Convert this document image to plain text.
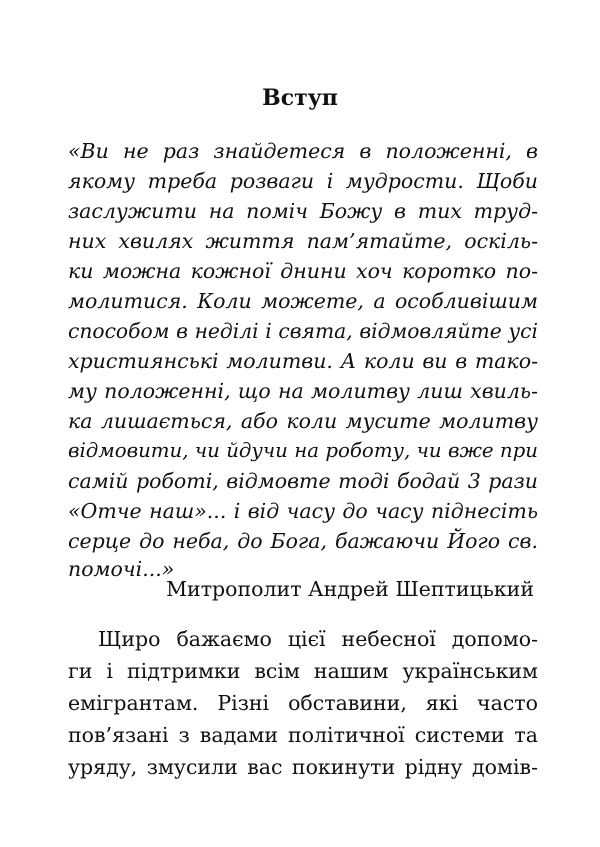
Вступ
«Ви не раз знайдетеся в положенні, в
якому треба розваги і мудрости. Щоби
заслужити на поміч Божу в тих труд-
них хвилях життя пам’ятайте, оскіль-
ки можна кожної днини хоч коротко по-
молитися. Коли можете, а особливішим
способом в неділі і свята, відмовляйте усі
християнські молитви. А коли ви в тако-
му положенні, що на молитву лиш хвиль-
ка лишається, або коли мусите молитву
відмовити, чи йдучи на роботу, чи вже при
самій роботі, відмовте тоді бодай 3 рази
«Отче наш»... і від часу до часу піднесіть
серце до неба, до Бога, бажаючи Його св.
помочі...»
Митрополит Андрей Шептицький
Щиро бажаємо цієї небесної допомо-
ги і підтримки всім нашим українським
емігрантам. Різні обставини, які часто
пов’язані з вадами політичної системи та
уряду, змусили вас покинути рідну домів-
